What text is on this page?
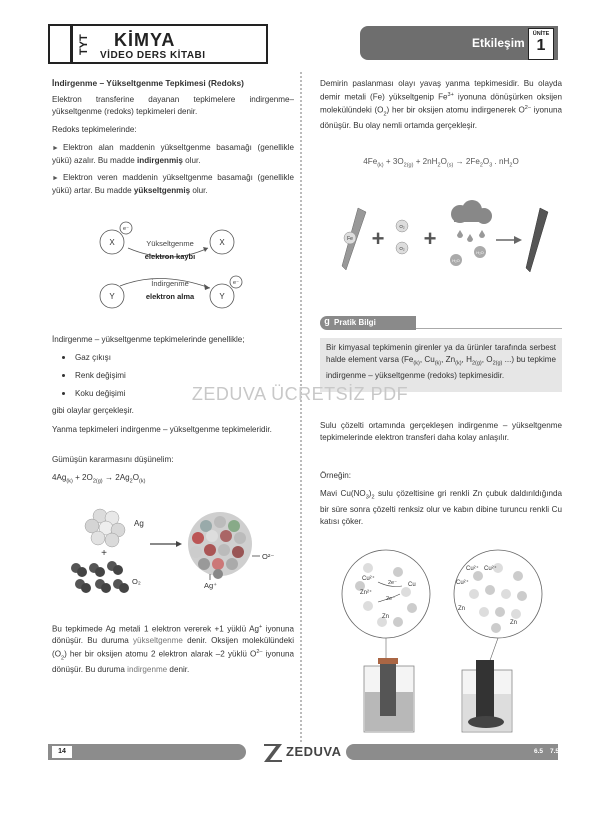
TYT KİMYA
VİDEO DERS KİTABI
Etkileşim
ÜNİTE
1
İndirgenme – Yükseltgenme Tepkimesi (Redoks)
Elektron transferine dayanan tepkimelere indirgenme–yükseltgenme (redoks) tepkimeleri denir.
Redoks tepkimelerinde:
► Elektron alan maddenin yükseltgenme basamağı (genellikle yükü) azalır. Bu madde indirgenmiş olur.
► Elektron veren maddenin yükseltgenme basamağı (genellikle yükü) artar. Bu madde yükseltgenmiş olur.
X
e⁻
X
Yükseltgenme
elektron kaybı
Y	Y
e⁻
İndirgenme
elektron alma
İndirgenme – yükseltgenme tepkimelerinde genellikle;
Gaz çıkışı
Renk değişimi
Koku değişimi
gibi olaylar gerçekleşir.
Yanma tepkimeleri indirgenme – yükseltgenme tepkimeleridir.
Gümüşün kararmasını düşünelim:
$4Ag_{(k)} + 2O_{2(g)} \to 2Ag_2O_{(k)}$
Ag
+
O₂
O²⁻
Ag⁺
Bu tepkimede Ag metali 1 elektron vererek +1 yüklü Ag+ iyonuna dönüşür. Bu duruma yükseltgenme denir. Oksijen molekülündeki $(O_2)$ her bir oksijen atomu 2 elektron alarak –2 yüklü $O^{2-}$ iyonuna dönüşür. Bu duruma indirgenme denir.
Demirin paslanması olayı yavaş yanma tepkimesidir. Bu olayda demir metali (Fe) yükseltgenip $Fe^{3+}$ iyonuna dönüşürken oksijen molekülündeki $(O_2)$ her bir oksijen atomu indirgenerek $O^{2-}$ iyonuna dönüşür. Bu olay nemli ortamda gerçekleşir.
$4Fe_{(k)} + 3O_{2(g)} + 2nH_2O_{(s)} \to 2Fe_2O_3$ . $nH_2O$
Fe +	O₂
O₂ +
H₂O
H₂O
g Pratik Bilgi
Bir kimyasal tepkimenin girenler ya da ürünler tarafında serbest halde element varsa ($Fe_{(k)}$, $Cu_{(k)}$, $Zn_{(k)}$, $H_{2(g)}$, $O_{2(g)}$ ...) bu tepkime indirgenme – yükseltgenme (redoks) tepkimesidir.
ZEDUVA ÜCRETSİZ PDF
Sulu çözelti ortamında gerçekleşen indirgenme – yükseltgenme tepkimelerinde elektron transferi daha kolay anlaşılır.
Örneğin:
Mavi $Cu(NO_3)_2$ sulu çözeltisine gri renkli Zn çubuk daldırıldığında bir süre sonra çözelti renksiz olur ve kabın dibine turuncu renkli Cu katısı çöker.
Cu²⁺
Cu
Zn
Zn²⁺
2e⁻
2e⁻
Cu²⁺ Cu²⁺
Cu²⁺
Zn
Zn
14	ZEDUVA	6.5 7.5
